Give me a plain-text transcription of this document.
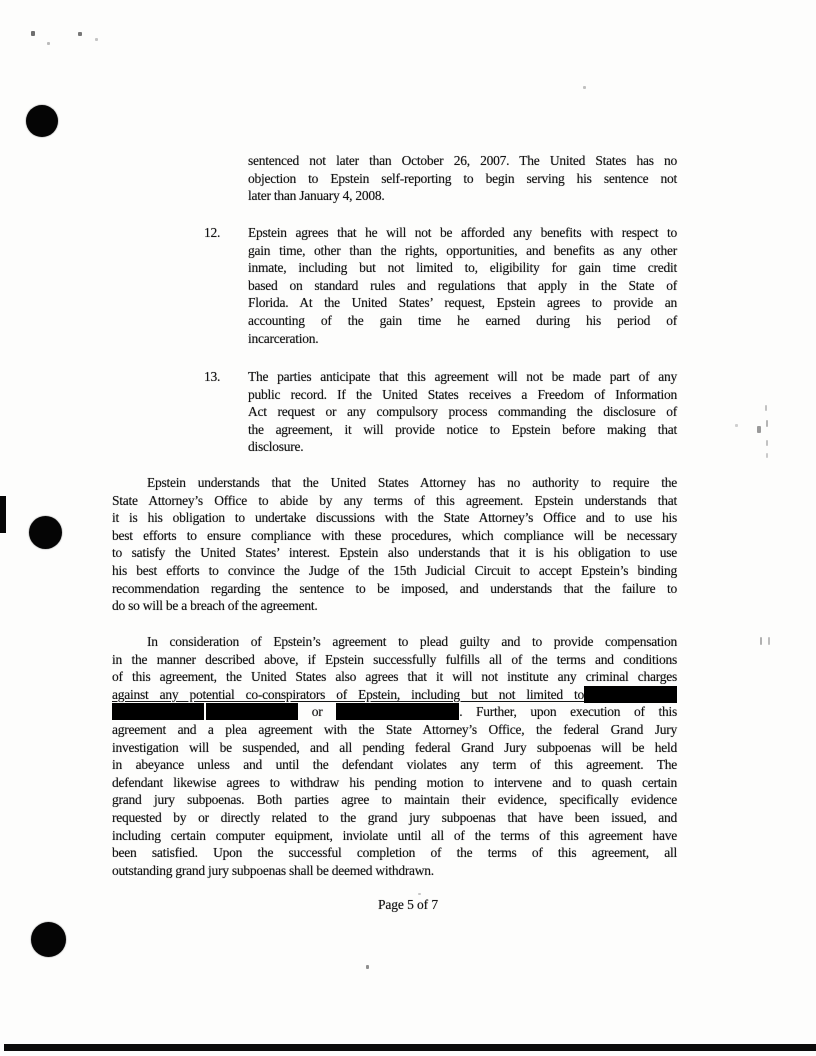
sentenced not later than October 26, 2007. The United States has no
objection to Epstein self-reporting to begin serving his sentence not
later than January 4, 2008.
12. Epstein agrees that he will not be afforded any benefits with respect to
gain time, other than the rights, opportunities, and benefits as any other
inmate, including but not limited to, eligibility for gain time credit
based on standard rules and regulations that apply in the State of
Florida. At the United States’ request, Epstein agrees to provide an
accounting of the gain time he earned during his period of
incarceration.
13. The parties anticipate that this agreement will not be made part of any
public record. If the United States receives a Freedom of Information
Act request or any compulsory process commanding the disclosure of
the agreement, it will provide notice to Epstein before making that
disclosure.
Epstein understands that the United States Attorney has no authority to require the
State Attorney’s Office to abide by any terms of this agreement. Epstein understands that
it is his obligation to undertake discussions with the State Attorney’s Office and to use his
best efforts to ensure compliance with these procedures, which compliance will be necessary
to satisfy the United States’ interest. Epstein also understands that it is his obligation to use
his best efforts to convince the Judge of the 15th Judicial Circuit to accept Epstein’s binding
recommendation regarding the sentence to be imposed, and understands that the failure to
do so will be a breach of the agreement.
In consideration of Epstein’s agreement to plead guilty and to provide compensation
in the manner described above, if Epstein successfully fulfills all of the terms and conditions
of this agreement, the United States also agrees that it will not institute any criminal charges
against any potential co-conspirators of Epstein, including but not limited to
or	. Further, upon execution of this
agreement and a plea agreement with the State Attorney’s Office, the federal Grand Jury
investigation will be suspended, and all pending federal Grand Jury subpoenas will be held
in abeyance unless and until the defendant violates any term of this agreement. The
defendant likewise agrees to withdraw his pending motion to intervene and to quash certain
grand jury subpoenas. Both parties agree to maintain their evidence, specifically evidence
requested by or directly related to the grand jury subpoenas that have been issued, and
including certain computer equipment, inviolate until all of the terms of this agreement have
been satisfied. Upon the successful completion of the terms of this agreement, all
outstanding grand jury subpoenas shall be deemed withdrawn.
Page 5 of 7
